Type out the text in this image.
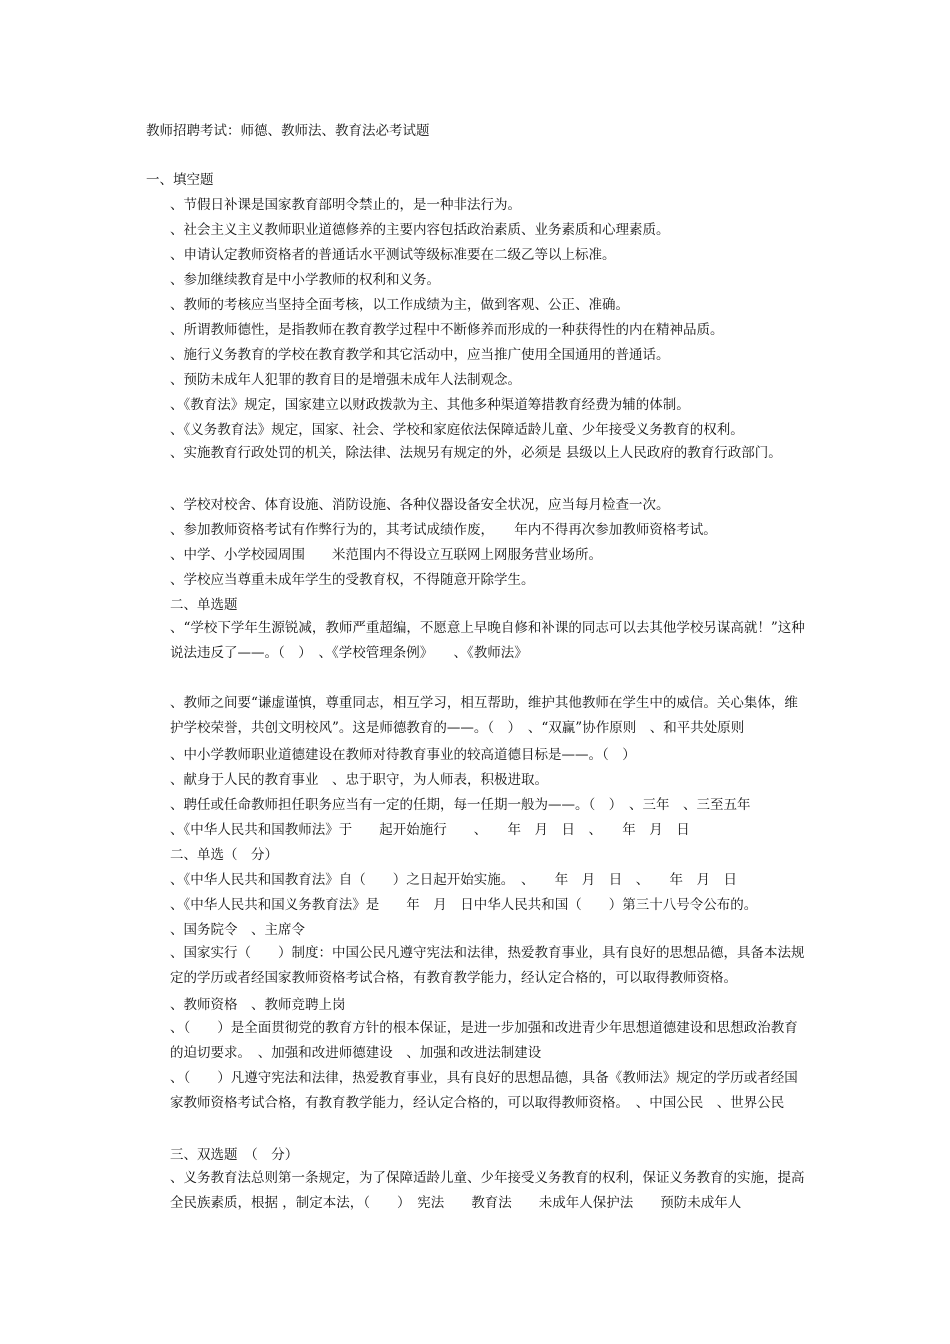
教师招聘考试：师德、教师法、教育法必考试题
一、填空题
、节假日补课是国家教育部明令禁止的，是一种非法行为。
、社会主义主义教师职业道德修养的主要内容包括政治素质、业务素质和心理素质。
、申请认定教师资格者的普通话水平测试等级标准要在二级乙等以上标准。
、参加继续教育是中小学教师的权利和义务。
、教师的考核应当坚持全面考核，以工作成绩为主，做到客观、公正、准确。
、所谓教师德性，是指教师在教育教学过程中不断修养而形成的一种获得性的内在精神品质。
、施行义务教育的学校在教育教学和其它活动中，应当推广使用全国通用的普通话。
、预防未成年人犯罪的教育目的是增强未成年人法制观念。
、《教育法》规定，国家建立以财政拨款为主、其他多种渠道筹措教育经费为辅的体制。
、《义务教育法》规定，国家、社会、学校和家庭依法保障适龄儿童、少年接受义务教育的权利。
、实施教育行政处罚的机关，除法律、法规另有规定的外，必须是 县级以上人民政府的教育行政部门。
、学校对校舍、体育设施、消防设施、各种仪器设备安全状况，应当每月检查一次。
、参加教师资格考试有作弊行为的，其考试成绩作废，　　年内不得再次参加教师资格考试。
、中学、小学校园周围　　米范围内不得设立互联网上网服务营业场所。
、学校应当尊重未成年学生的受教育权，不得随意开除学生。
二、单选题
、“学校下学年生源锐减，教师严重超编，不愿意上早晚自修和补课的同志可以去其他学校另谋高就！”这种说法违反了——。（　）　、《学校管理条例》　　、《教师法》
、教师之间要“谦虚谨慎，尊重同志，相互学习，相互帮助，维护其他教师在学生中的威信。关心集体，维护学校荣誉，共创文明校风”。这是师德教育的——。（　）　、“双赢”协作原则　、和平共处原则
、中小学教师职业道德建设在教师对待教育事业的较高道德目标是——。（　）
、献身于人民的教育事业　、忠于职守，为人师表，积极进取。
、聘任或任命教师担任职务应当有一定的任期，每一任期一般为——。（　）　、三年　、三至五年
、《中华人民共和国教师法》于　　起开始施行　　、　　年　月　日　、　　年　月　日
二、单选（　分）
、《中华人民共和国教育法》自（　　）之日起开始实施。　、　　年　月　日　、　　年　月　日
、《中华人民共和国义务教育法》是　　年　月　日中华人民共和国（　　）第三十八号令公布的。
、国务院令　、主席令
、国家实行（　　）制度：中国公民凡遵守宪法和法律，热爱教育事业，具有良好的思想品德，具备本法规定的学历或者经国家教师资格考试合格，有教育教学能力，经认定合格的，可以取得教师资格。
、教师资格　、教师竞聘上岗
、（　　）是全面贯彻党的教育方针的根本保证，是进一步加强和改进青少年思想道德建设和思想政治教育的迫切要求。　、加强和改进师德建设　、加强和改进法制建设
、（　　）凡遵守宪法和法律，热爱教育事业，具有良好的思想品德，具备《教师法》规定的学历或者经国家教师资格考试合格，有教育教学能力，经认定合格的，可以取得教师资格。　、中国公民　、世界公民
三、双选题　（　分）
、义务教育法总则第一条规定，为了保障适龄儿童、少年接受义务教育的权利，保证义务教育的实施，提高全民族素质，根据 ，制定本法，（　　）　宪法　　教育法　　未成年人保护法　　预防未成年人
